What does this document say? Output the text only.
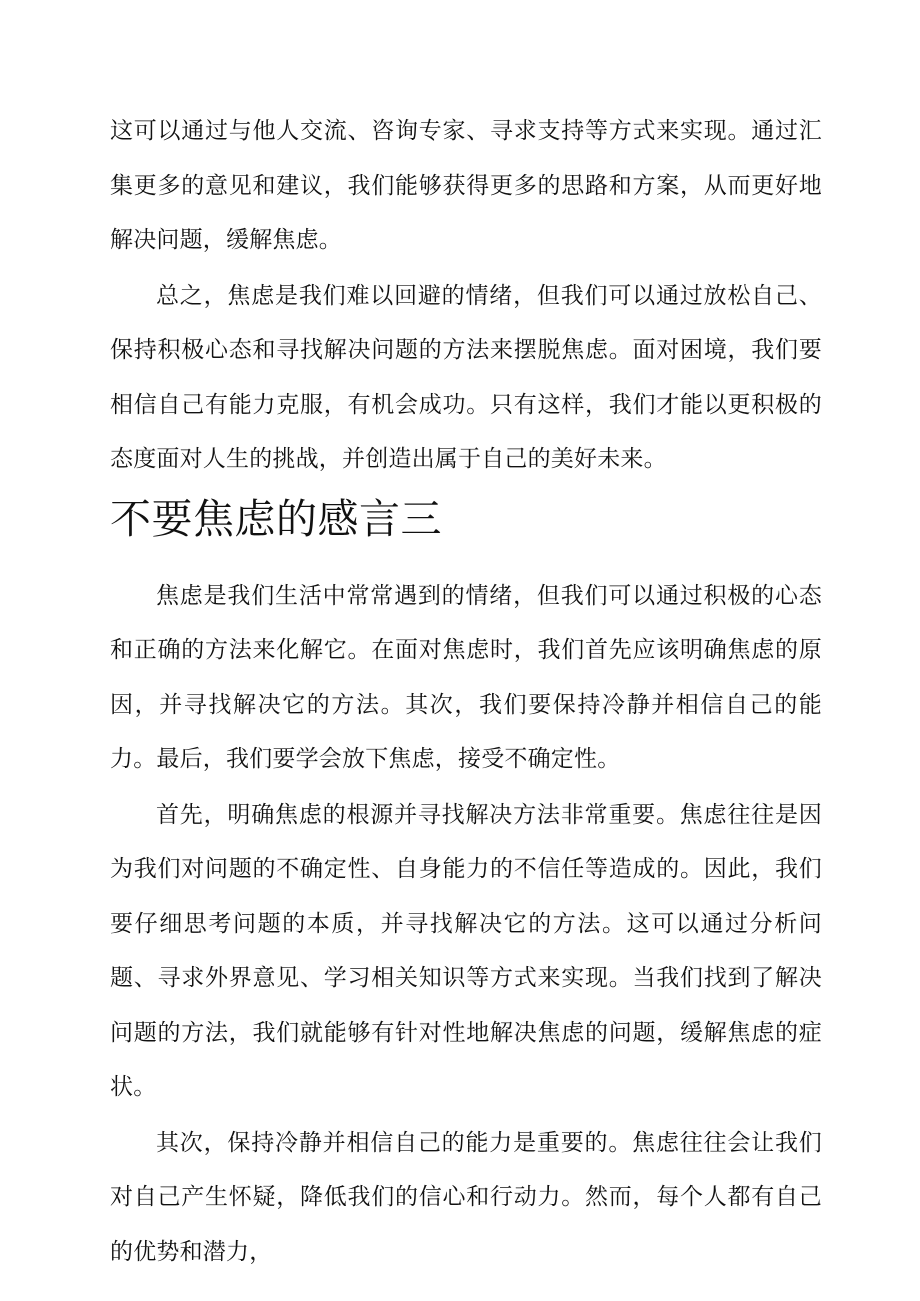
这可以通过与他人交流、咨询专家、寻求支持等方式来实现。通过汇集更多的意见和建议，我们能够获得更多的思路和方案，从而更好地解决问题，缓解焦虑。

总之，焦虑是我们难以回避的情绪，但我们可以通过放松自己、保持积极心态和寻找解决问题的方法来摆脱焦虑。面对困境，我们要相信自己有能力克服，有机会成功。只有这样，我们才能以更积极的态度面对人生的挑战，并创造出属于自己的美好未来。

不要焦虑的感言三

焦虑是我们生活中常常遇到的情绪，但我们可以通过积极的心态和正确的方法来化解它。在面对焦虑时，我们首先应该明确焦虑的原因，并寻找解决它的方法。其次，我们要保持冷静并相信自己的能力。最后，我们要学会放下焦虑，接受不确定性。

首先，明确焦虑的根源并寻找解决方法非常重要。焦虑往往是因为我们对问题的不确定性、自身能力的不信任等造成的。因此，我们要仔细思考问题的本质，并寻找解决它的方法。这可以通过分析问题、寻求外界意见、学习相关知识等方式来实现。当我们找到了解决问题的方法，我们就能够有针对性地解决焦虑的问题，缓解焦虑的症状。

其次，保持冷静并相信自己的能力是重要的。焦虑往往会让我们对自己产生怀疑，降低我们的信心和行动力。然而，每个人都有自己的优势和潜力，
